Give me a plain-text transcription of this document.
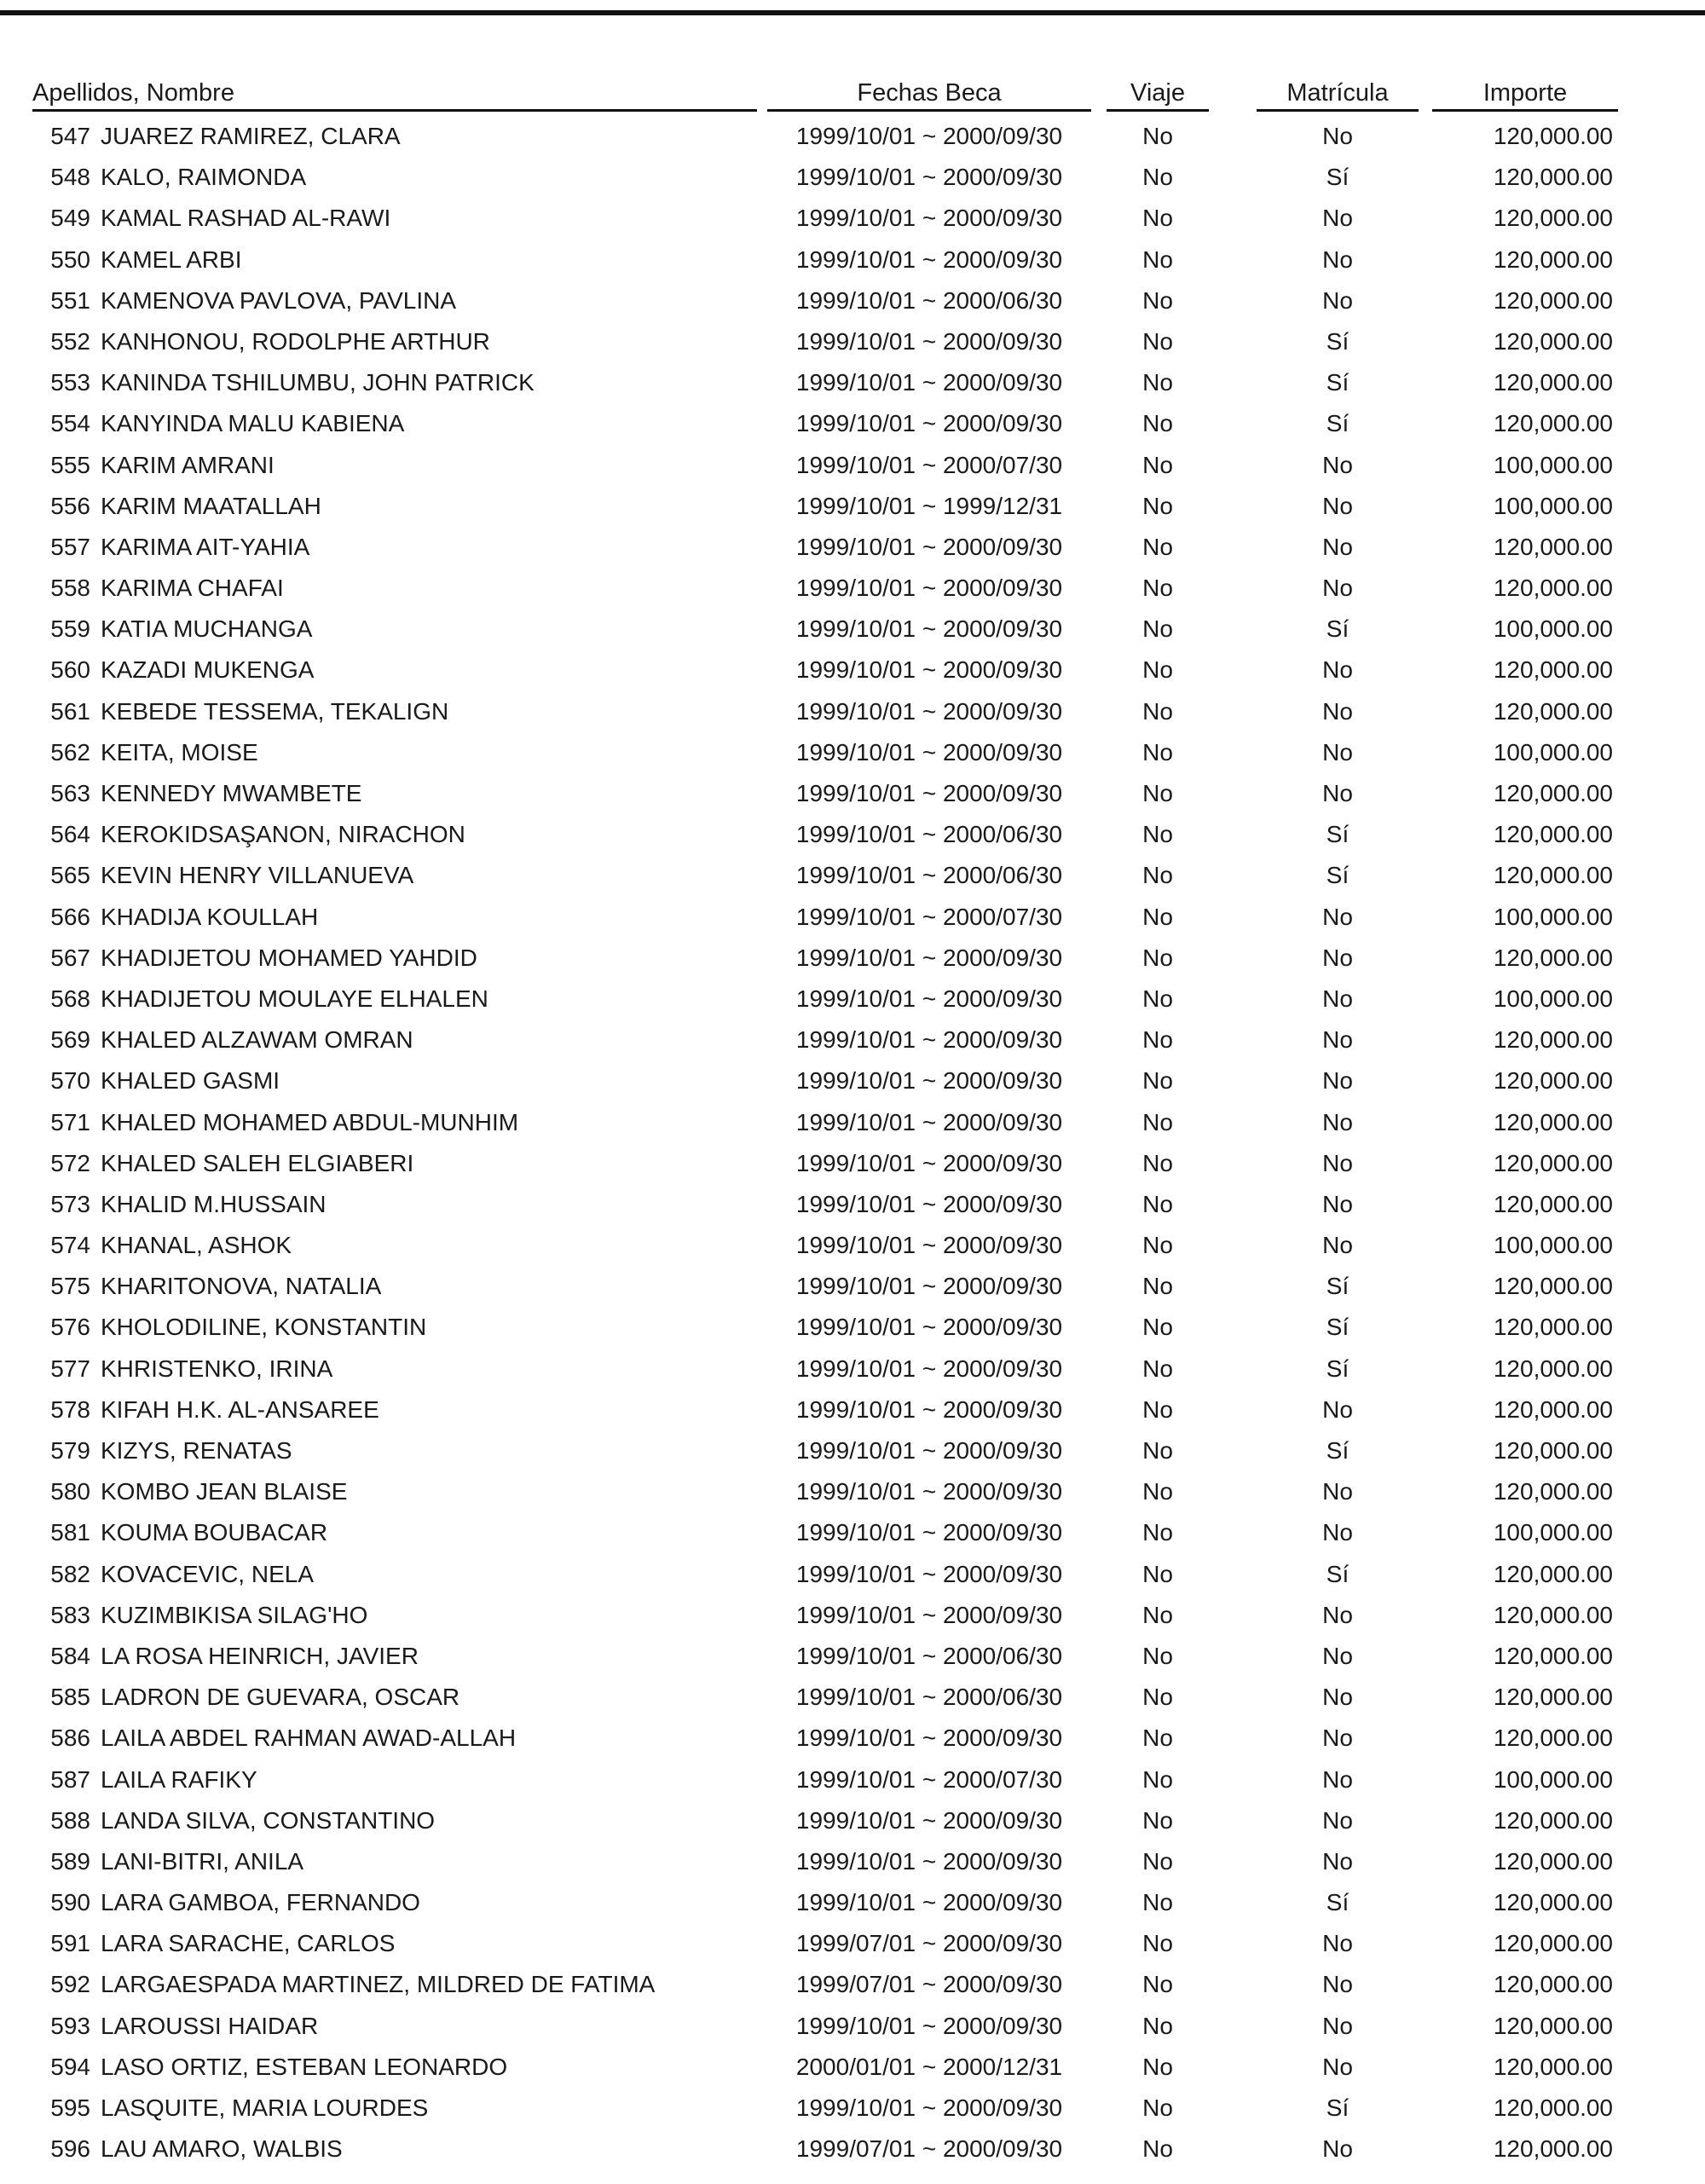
Apellidos, Nombre	Fechas Beca	Viaje	Matrícula	Importe
547 JUAREZ RAMIREZ, CLARA	1999/10/01 ~ 2000/09/30	No	No	120,000.00
548 KALO, RAIMONDA	1999/10/01 ~ 2000/09/30	No	Sí	120,000.00
549 KAMAL RASHAD AL-RAWI	1999/10/01 ~ 2000/09/30	No	No	120,000.00
550 KAMEL ARBI	1999/10/01 ~ 2000/09/30	No	No	120,000.00
551 KAMENOVA PAVLOVA, PAVLINA	1999/10/01 ~ 2000/06/30	No	No	120,000.00
552 KANHONOU, RODOLPHE ARTHUR	1999/10/01 ~ 2000/09/30	No	Sí	120,000.00
553 KANINDA TSHILUMBU, JOHN PATRICK	1999/10/01 ~ 2000/09/30	No	Sí	120,000.00
554 KANYINDA MALU KABIENA	1999/10/01 ~ 2000/09/30	No	Sí	120,000.00
555 KARIM AMRANI	1999/10/01 ~ 2000/07/30	No	No	100,000.00
556 KARIM MAATALLAH	1999/10/01 ~ 1999/12/31	No	No	100,000.00
557 KARIMA AIT-YAHIA	1999/10/01 ~ 2000/09/30	No	No	120,000.00
558 KARIMA CHAFAI	1999/10/01 ~ 2000/09/30	No	No	120,000.00
559 KATIA MUCHANGA	1999/10/01 ~ 2000/09/30	No	Sí	100,000.00
560 KAZADI MUKENGA	1999/10/01 ~ 2000/09/30	No	No	120,000.00
561 KEBEDE TESSEMA, TEKALIGN	1999/10/01 ~ 2000/09/30	No	No	120,000.00
562 KEITA, MOISE	1999/10/01 ~ 2000/09/30	No	No	100,000.00
563 KENNEDY MWAMBETE	1999/10/01 ~ 2000/09/30	No	No	120,000.00
564 KEROKIDSAŞANON, NIRACHON	1999/10/01 ~ 2000/06/30	No	Sí	120,000.00
565 KEVIN HENRY VILLANUEVA	1999/10/01 ~ 2000/06/30	No	Sí	120,000.00
566 KHADIJA KOULLAH	1999/10/01 ~ 2000/07/30	No	No	100,000.00
567 KHADIJETOU MOHAMED YAHDID	1999/10/01 ~ 2000/09/30	No	No	120,000.00
568 KHADIJETOU MOULAYE ELHALEN	1999/10/01 ~ 2000/09/30	No	No	100,000.00
569 KHALED ALZAWAM OMRAN	1999/10/01 ~ 2000/09/30	No	No	120,000.00
570 KHALED GASMI	1999/10/01 ~ 2000/09/30	No	No	120,000.00
571 KHALED MOHAMED ABDUL-MUNHIM	1999/10/01 ~ 2000/09/30	No	No	120,000.00
572 KHALED SALEH ELGIABERI	1999/10/01 ~ 2000/09/30	No	No	120,000.00
573 KHALID M.HUSSAIN	1999/10/01 ~ 2000/09/30	No	No	120,000.00
574 KHANAL, ASHOK	1999/10/01 ~ 2000/09/30	No	No	100,000.00
575 KHARITONOVA, NATALIA	1999/10/01 ~ 2000/09/30	No	Sí	120,000.00
576 KHOLODILINE, KONSTANTIN	1999/10/01 ~ 2000/09/30	No	Sí	120,000.00
577 KHRISTENKO, IRINA	1999/10/01 ~ 2000/09/30	No	Sí	120,000.00
578 KIFAH H.K. AL-ANSAREE	1999/10/01 ~ 2000/09/30	No	No	120,000.00
579 KIZYS, RENATAS	1999/10/01 ~ 2000/09/30	No	Sí	120,000.00
580 KOMBO JEAN BLAISE	1999/10/01 ~ 2000/09/30	No	No	120,000.00
581 KOUMA BOUBACAR	1999/10/01 ~ 2000/09/30	No	No	100,000.00
582 KOVACEVIC, NELA	1999/10/01 ~ 2000/09/30	No	Sí	120,000.00
583 KUZIMBIKISA SILAG'HO	1999/10/01 ~ 2000/09/30	No	No	120,000.00
584 LA ROSA HEINRICH, JAVIER	1999/10/01 ~ 2000/06/30	No	No	120,000.00
585 LADRON DE GUEVARA, OSCAR	1999/10/01 ~ 2000/06/30	No	No	120,000.00
586 LAILA ABDEL RAHMAN AWAD-ALLAH	1999/10/01 ~ 2000/09/30	No	No	120,000.00
587 LAILA RAFIKY	1999/10/01 ~ 2000/07/30	No	No	100,000.00
588 LANDA SILVA, CONSTANTINO	1999/10/01 ~ 2000/09/30	No	No	120,000.00
589 LANI-BITRI, ANILA	1999/10/01 ~ 2000/09/30	No	No	120,000.00
590 LARA GAMBOA, FERNANDO	1999/10/01 ~ 2000/09/30	No	Sí	120,000.00
591 LARA SARACHE, CARLOS	1999/07/01 ~ 2000/09/30	No	No	120,000.00
592 LARGAESPADA MARTINEZ, MILDRED DE FATIMA	1999/07/01 ~ 2000/09/30	No	No	120,000.00
593 LAROUSSI HAIDAR	1999/10/01 ~ 2000/09/30	No	No	120,000.00
594 LASO ORTIZ, ESTEBAN LEONARDO	2000/01/01 ~ 2000/12/31	No	No	120,000.00
595 LASQUITE, MARIA LOURDES	1999/10/01 ~ 2000/09/30	No	Sí	120,000.00
596 LAU AMARO, WALBIS	1999/07/01 ~ 2000/09/30	No	No	120,000.00
